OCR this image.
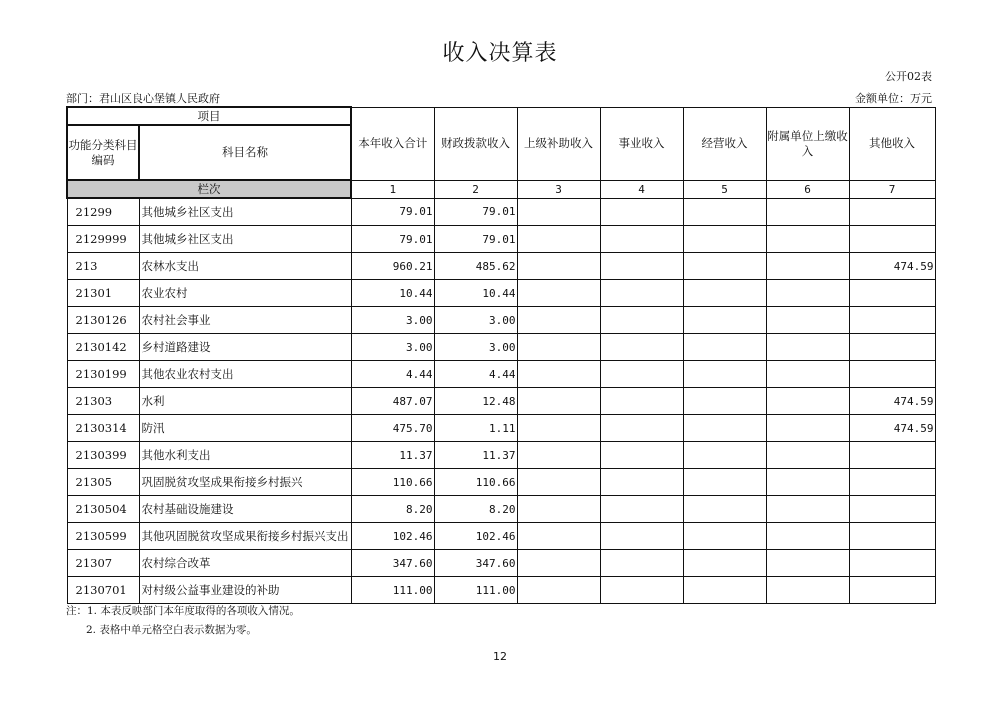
收入决算表
公开02表
部门：君山区良心堡镇人民政府	金额单位：万元
项目		本年收入合计	财政拨款收入	上级补助收入	事业收入	经营收入	附属单位上缴收入	其他收入
功能分类科目编码	科目名称							
栏次		1	2	3	4	5	6	7
21299	其他城乡社区支出	79.01	79.01					
2129999	其他城乡社区支出	79.01	79.01					
213	农林水支出	960.21	485.62					474.59
21301	农业农村	10.44	10.44					
2130126	农村社会事业	3.00	3.00					
2130142	乡村道路建设	3.00	3.00					
2130199	其他农业农村支出	4.44	4.44					
21303	水利	487.07	12.48					474.59
2130314	防汛	475.70	1.11					474.59
2130399	其他水利支出	11.37	11.37					
21305	巩固脱贫攻坚成果衔接乡村振兴	110.66	110.66					
2130504	农村基础设施建设	8.20	8.20					
2130599	其他巩固脱贫攻坚成果衔接乡村振兴支出	102.46	102.46					
21307	农村综合改革	347.60	347.60					
2130701	对村级公益事业建设的补助	111.00	111.00					
注：1. 本表反映部门本年度取得的各项收入情况。
2. 表格中单元格空白表示数据为零。
12
